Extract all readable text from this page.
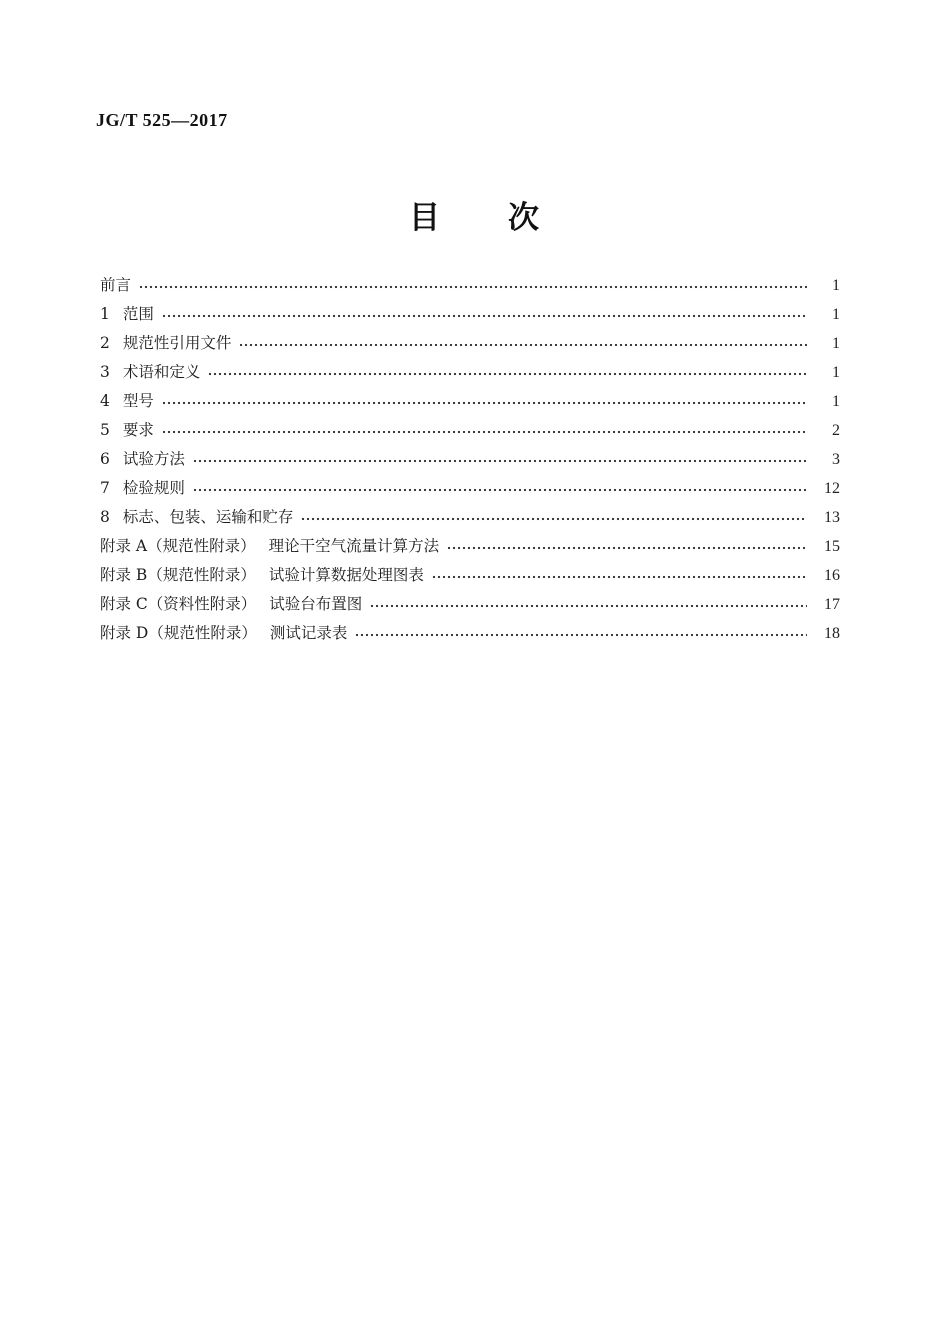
JG/T 525—2017
目　　次
前言	1
1 范围	1
2 规范性引用文件	1
3 术语和定义	1
4 型号	1
5 要求	2
6 试验方法	3
7 检验规则	12
8 标志、包装、运输和贮存	13
附录 A（规范性附录） 理论干空气流量计算方法	15
附录 B（规范性附录） 试验计算数据处理图表	16
附录 C（资料性附录） 试验台布置图	17
附录 D（规范性附录） 测试记录表	18
